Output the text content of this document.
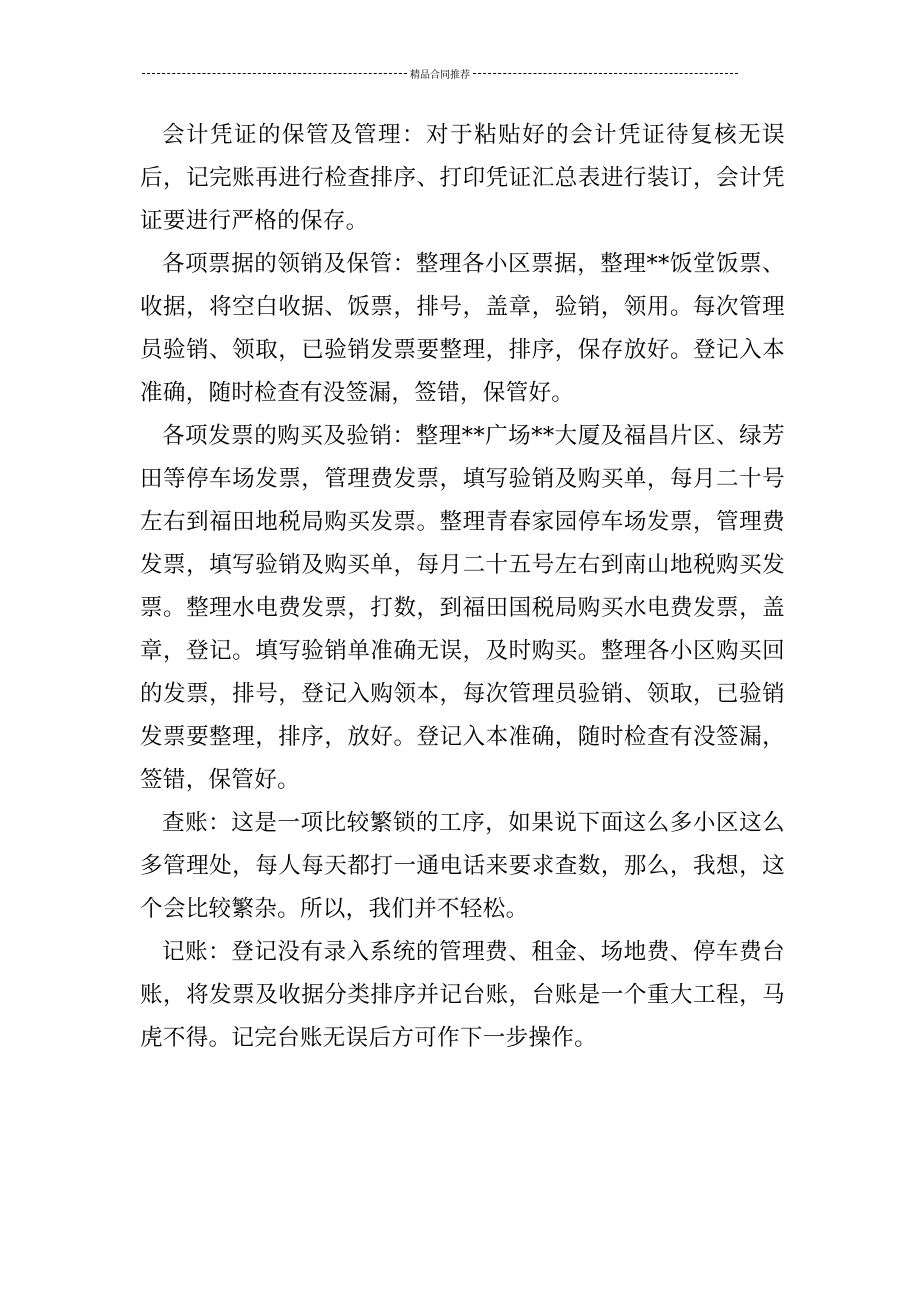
精品合同推荐

会计凭证的保管及管理：对于粘贴好的会计凭证待复核无误后，记完账再进行检查排序、打印凭证汇总表进行装订，会计凭证要进行严格的保存。

各项票据的领销及保管：整理各小区票据，整理**饭堂饭票、收据，将空白收据、饭票，排号，盖章，验销，领用。每次管理员验销、领取，已验销发票要整理，排序，保存放好。登记入本准确，随时检查有没签漏，签错，保管好。

各项发票的购买及验销：整理**广场**大厦及福昌片区、绿芳田等停车场发票，管理费发票，填写验销及购买单，每月二十号左右到福田地税局购买发票。整理青春家园停车场发票，管理费发票，填写验销及购买单，每月二十五号左右到南山地税购买发票。整理水电费发票，打数，到福田国税局购买水电费发票，盖章，登记。填写验销单准确无误，及时购买。整理各小区购买回的发票，排号，登记入购领本，每次管理员验销、领取，已验销发票要整理，排序，放好。登记入本准确，随时检查有没签漏，签错，保管好。

查账：这是一项比较繁锁的工序，如果说下面这么多小区这么多管理处，每人每天都打一通电话来要求查数，那么，我想，这个会比较繁杂。所以，我们并不轻松。

记账：登记没有录入系统的管理费、租金、场地费、停车费台账，将发票及收据分类排序并记台账，台账是一个重大工程，马虎不得。记完台账无误后方可作下一步操作。
